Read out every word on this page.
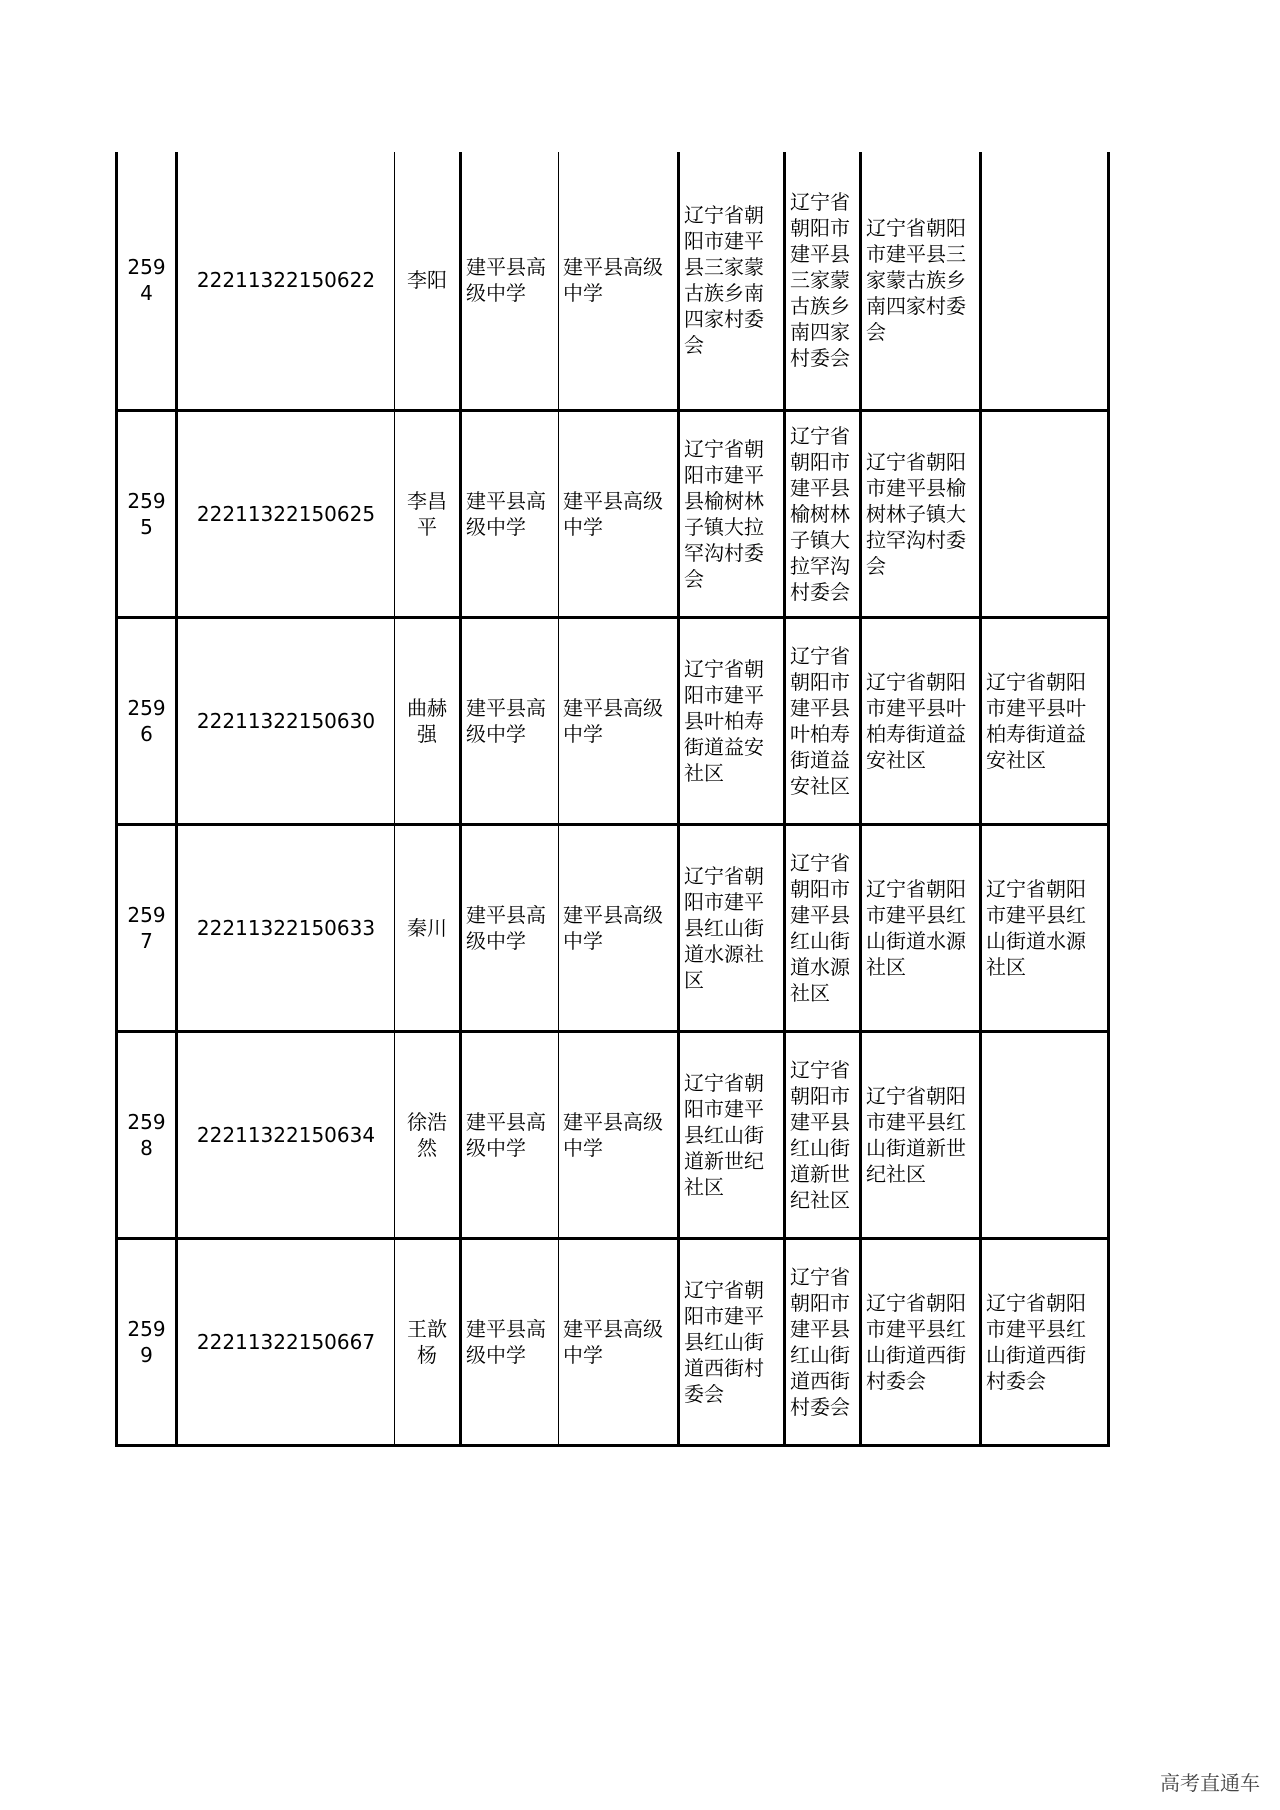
2594	22211322150622	李阳	建平县高级中学	建平县高级中学	辽宁省朝阳市建平县三家蒙古族乡南四家村委会	辽宁省朝阳市建平县三家蒙古族乡南四家村委会	辽宁省朝阳市建平县三家蒙古族乡南四家村委会	
2595	22211322150625	李昌平	建平县高级中学	建平县高级中学	辽宁省朝阳市建平县榆树林子镇大拉罕沟村委会	辽宁省朝阳市建平县榆树林子镇大拉罕沟村委会	辽宁省朝阳市建平县榆树林子镇大拉罕沟村委会	
2596	22211322150630	曲赫强	建平县高级中学	建平县高级中学	辽宁省朝阳市建平县叶柏寿街道益安社区	辽宁省朝阳市建平县叶柏寿街道益安社区	辽宁省朝阳市建平县叶柏寿街道益安社区	辽宁省朝阳市建平县叶柏寿街道益安社区
2597	22211322150633	秦川	建平县高级中学	建平县高级中学	辽宁省朝阳市建平县红山街道水源社区	辽宁省朝阳市建平县红山街道水源社区	辽宁省朝阳市建平县红山街道水源社区	辽宁省朝阳市建平县红山街道水源社区
2598	22211322150634	徐浩然	建平县高级中学	建平县高级中学	辽宁省朝阳市建平县红山街道新世纪社区	辽宁省朝阳市建平县红山街道新世纪社区	辽宁省朝阳市建平县红山街道新世纪社区	
2599	22211322150667	王歆杨	建平县高级中学	建平县高级中学	辽宁省朝阳市建平县红山街道西街村委会	辽宁省朝阳市建平县红山街道西街村委会	辽宁省朝阳市建平县红山街道西街村委会	辽宁省朝阳市建平县红山街道西街村委会
高考直通车
